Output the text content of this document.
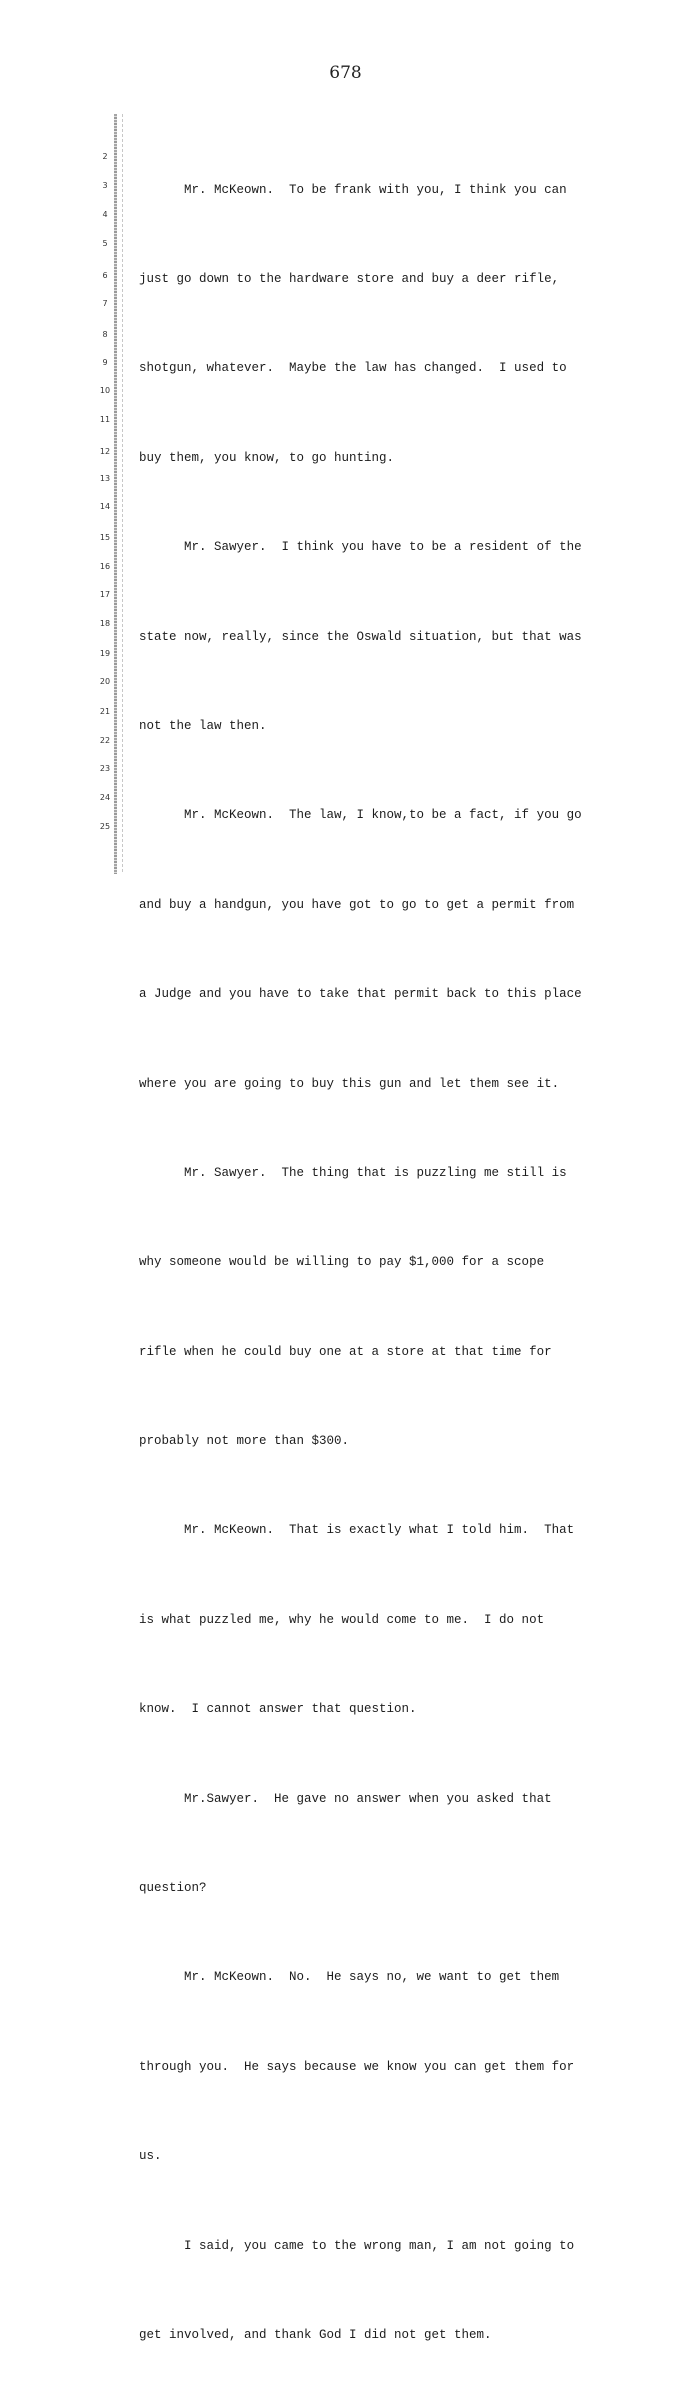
678
2
3
4
5
6
7
8
9
10
11
12
13
14
15
16
17
18
19
20
21
22
23
24
25

Mr. McKeown.  To be frank with you, I think you can

just go down to the hardware store and buy a deer rifle,

shotgun, whatever.  Maybe the law has changed.  I used to

buy them, you know, to go hunting.

Mr. Sawyer.  I think you have to be a resident of the

state now, really, since the Oswald situation, but that was

not the law then.

Mr. McKeown.  The law, I know,to be a fact, if you go

and buy a handgun, you have got to go to get a permit from

a Judge and you have to take that permit back to this place

where you are going to buy this gun and let them see it.

Mr. Sawyer.  The thing that is puzzling me still is

why someone would be willing to pay $1,000 for a scope

rifle when he could buy one at a store at that time for

probably not more than $300.

Mr. McKeown.  That is exactly what I told him.  That

is what puzzled me, why he would come to me.  I do not

know.  I cannot answer that question.

Mr.Sawyer.  He gave no answer when you asked that

question?

Mr. McKeown.  No.  He says no, we want to get them

through you.  He says because we know you can get them for

us.

I said, you came to the wrong man, I am not going to

get involved, and thank God I did not get them.
